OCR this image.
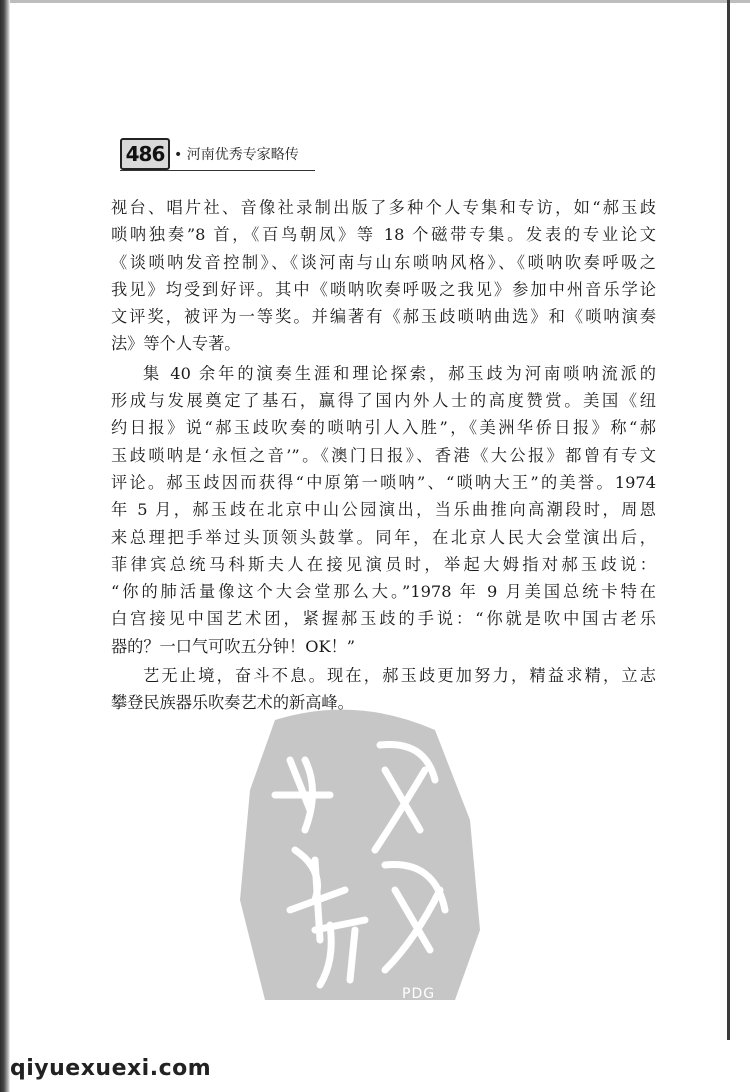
486 • 河南优秀专家略传
视台、唱片社、音像社录制出版了多种个人专集和专访，如“郝玉歧
唢呐独奏”8 首，《百鸟朝凤》等 18 个磁带专集。发表的专业论文
《谈唢呐发音控制》、《谈河南与山东唢呐风格》、《唢呐吹奏呼吸之
我见》均受到好评。其中《唢呐吹奏呼吸之我见》参加中州音乐学论
文评奖，被评为一等奖。并编著有《郝玉歧唢呐曲选》和《唢呐演奏
法》等个人专著。
集 40 余年的演奏生涯和理论探索，郝玉歧为河南唢呐流派的
形成与发展奠定了基石，赢得了国内外人士的高度赞赏。美国《纽
约日报》说“郝玉歧吹奏的唢呐引人入胜”，《美洲华侨日报》称“郝
玉歧唢呐是‘永恒之音’”。《澳门日报》、香港《大公报》都曾有专文
评论。郝玉歧因而获得“中原第一唢呐”、“唢呐大王”的美誉。1974
年 5 月，郝玉歧在北京中山公园演出，当乐曲推向高潮段时，周恩
来总理把手举过头顶领头鼓掌。同年，在北京人民大会堂演出后，
菲律宾总统马科斯夫人在接见演员时，举起大姆指对郝玉歧说：
“你的肺活量像这个大会堂那么大。”1978 年 9 月美国总统卡特在
白宫接见中国艺术团，紧握郝玉歧的手说：“你就是吹中国古老乐
器的？一口气可吹五分钟！OK！”
艺无止境，奋斗不息。现在，郝玉歧更加努力，精益求精，立志
攀登民族器乐吹奏艺术的新高峰。
PDG
qiyuexuexi.com
